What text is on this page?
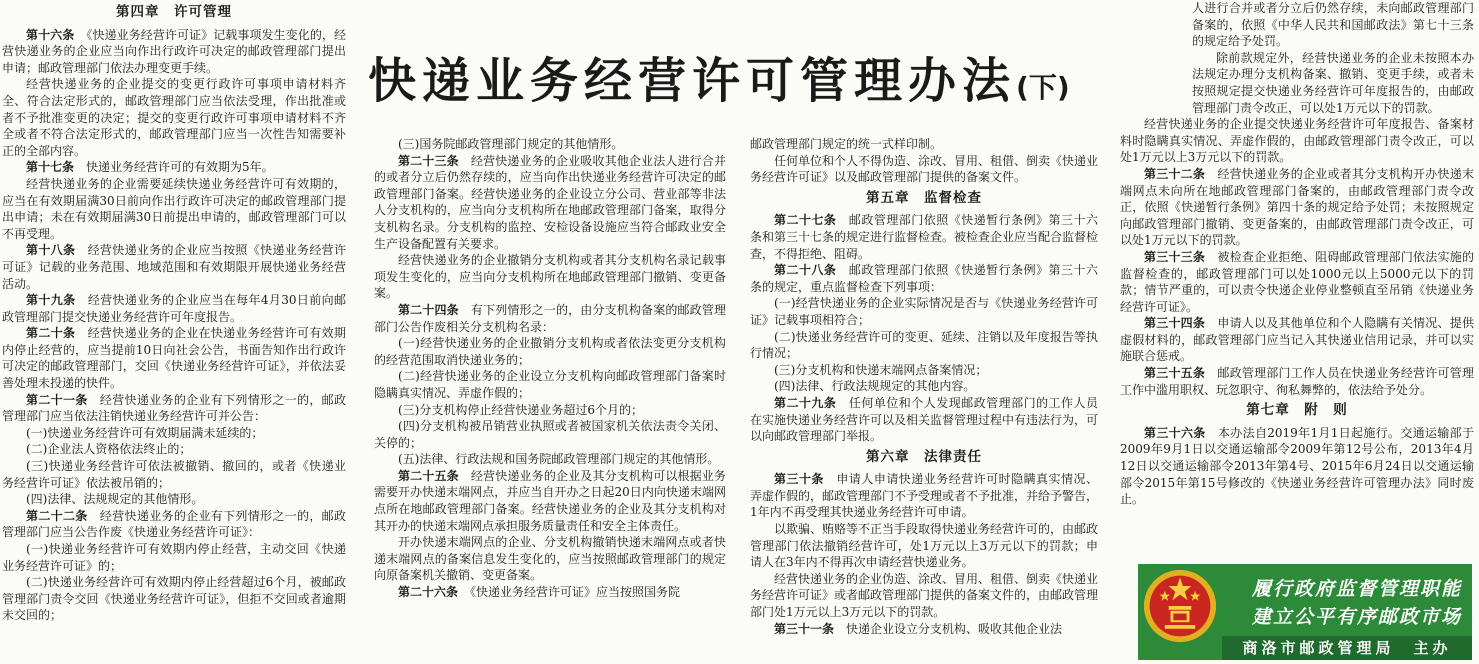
快递业务经营许可管理办法(下)
第四章　许可管理

第十六条　 《快递业务经营许可证》记载事项发生变化的，经营快递业务的企业应当向作出行政许可决定的邮政管理部门提出申请；邮政管理部门依法办理变更手续。

经营快递业务的企业提交的变更行政许可事项申请材料齐全、符合法定形式的，邮政管理部门应当依法受理，作出批准或者不予批准变更的决定；提交的变更行政许可事项申请材料不齐全或者不符合法定形式的，邮政管理部门应当一次性告知需要补正的全部内容。

第十七条　 快递业务经营许可的有效期为5年。

经营快递业务的企业需要延续快递业务经营许可有效期的，应当在有效期届满30日前向作出行政许可决定的邮政管理部门提出申请；未在有效期届满30日前提出申请的，邮政管理部门可以不再受理。

第十八条　 经营快递业务的企业应当按照《快递业务经营许可证》记载的业务范围、地域范围和有效期限开展快递业务经营活动。

第十九条　 经营快递业务的企业应当在每年4月30日前向邮政管理部门提交快递业务经营许可年度报告。

第二十条　 经营快递业务的企业在快递业务经营许可有效期内停止经营的，应当提前10日向社会公告，书面告知作出行政许可决定的邮政管理部门，交回《快递业务经营许可证》，并依法妥善处理未投递的快件。

第二十一条　 经营快递业务的企业有下列情形之一的，邮政管理部门应当依法注销快递业务经营许可并公告：

(一)快递业务经营许可有效期届满未延续的；

(二)企业法人资格依法终止的；

(三)快递业务经营许可依法被撤销、撤回的，或者《快递业务经营许可证》依法被吊销的；

(四)法律、法规规定的其他情形。

第二十二条　 经营快递业务的企业有下列情形之一的，邮政管理部门应当公告作废《快递业务经营许可证》：

(一)快递业务经营许可有效期内停止经营，主动交回《快递业务经营许可证》的；

(二)快递业务经营许可有效期内停止经营超过6个月，被邮政管理部门责令交回《快递业务经营许可证》，但拒不交回或者逾期未交回的；

(三)国务院邮政管理部门规定的其他情形。

第二十三条　 经营快递业务的企业吸收其他企业法人进行合并的或者分立后仍然存续的，应当向作出快递业务经营许可决定的邮政管理部门备案。经营快递业务的企业设立分公司、营业部等非法人分支机构的，应当向分支机构所在地邮政管理部门备案，取得分支机构名录。分支机构的监控、安检设备设施应当符合邮政业安全生产设备配置有关要求。

经营快递业务的企业撤销分支机构或者其分支机构名录记载事项发生变化的，应当向分支机构所在地邮政管理部门撤销、变更备案。

第二十四条　 有下列情形之一的，由分支机构备案的邮政管理部门公告作废相关分支机构名录：

(一)经营快递业务的企业撤销分支机构或者依法变更分支机构的经营范围取消快递业务的；

(二)经营快递业务的企业设立分支机构向邮政管理部门备案时隐瞒真实情况、弄虚作假的；

(三)分支机构停止经营快递业务超过6个月的；

(四)分支机构被吊销营业执照或者被国家机关依法责令关闭、关停的；

(五)法律、行政法规和国务院邮政管理部门规定的其他情形。

第二十五条　 经营快递业务的企业及其分支机构可以根据业务需要开办快递末端网点，并应当自开办之日起20日内向快递末端网点所在地邮政管理部门备案。经营快递业务的企业及其分支机构对其开办的快递末端网点承担服务质量责任和安全主体责任。

开办快递末端网点的企业、分支机构撤销快递末端网点或者快递末端网点的备案信息发生变化的，应当按照邮政管理部门的规定向原备案机关撤销、变更备案。

第二十六条　 《快递业务经营许可证》应当按照国务院

邮政管理部门规定的统一式样印制。

任何单位和个人不得伪造、涂改、冒用、租借、倒卖《快递业务经营许可证》以及邮政管理部门提供的备案文件。

第五章　监督检查

第二十七条　 邮政管理部门依照《快递暂行条例》第三十六条和第三十七条的规定进行监督检查。被检查企业应当配合监督检查，不得拒绝、阻碍。

第二十八条　 邮政管理部门依照《快递暂行条例》第三十六条的规定，重点监督检查下列事项：

(一)经营快递业务的企业实际情况是否与《快递业务经营许可证》记载事项相符合；

(二)快递业务经营许可的变更、延续、注销以及年度报告等执行情况；

(三)分支机构和快递末端网点备案情况；

(四)法律、行政法规规定的其他内容。

第二十九条　 任何单位和个人发现邮政管理部门的工作人员在实施快递业务经营许可以及相关监督管理过程中有违法行为，可以向邮政管理部门举报。

第六章　法律责任

第三十条　 申请人申请快递业务经营许可时隐瞒真实情况、弄虚作假的，邮政管理部门不予受理或者不予批准，并给予警告，1年内不再受理其快递业务经营许可申请。

以欺骗、贿赂等不正当手段取得快递业务经营许可的，由邮政管理部门依法撤销经营许可，处1万元以上3万元以下的罚款；申请人在3年内不得再次申请经营快递业务。

经营快递业务的企业伪造、涂改、冒用、租借、倒卖《快递业务经营许可证》或者邮政管理部门提供的备案文件的，由邮政管理部门处1万元以上3万元以下的罚款。

第三十一条　 快递企业设立分支机构、吸收其他企业法

人进行合并或者分立后仍然存续，未向邮政管理部门备案的，依照《中华人民共和国邮政法》第七十三条的规定给予处罚。

除前款规定外，经营快递业务的企业未按照本办法规定办理分支机构备案、撤销、变更手续，或者未按照规定提交快递业务经营许可年度报告的，由邮政管理部门责令改正，可以处1万元以下的罚款。

经营快递业务的企业提交快递业务经营许可年度报告、备案材料时隐瞒真实情况、弄虚作假的，由邮政管理部门责令改正，可以处1万元以上3万元以下的罚款。

第三十二条　 经营快递业务的企业或者其分支机构开办快递末端网点未向所在地邮政管理部门备案的，由邮政管理部门责令改正，依照《快递暂行条例》第四十条的规定给予处罚；未按照规定向邮政管理部门撤销、变更备案的，由邮政管理部门责令改正，可以处1万元以下的罚款。

第三十三条　 被检查企业拒绝、阻碍邮政管理部门依法实施的监督检查的，邮政管理部门可以处1000元以上5000元以下的罚款；情节严重的，可以责令快递企业停业整顿直至吊销《快递业务经营许可证》。

第三十四条　 申请人以及其他单位和个人隐瞒有关情况、提供虚假材料的，邮政管理部门应当记入其快递业信用记录，并可以实施联合惩戒。

第三十五条　 邮政管理部门工作人员在快递业务经营许可管理工作中滥用职权、玩忽职守、徇私舞弊的，依法给予处分。

第七章　附　则

第三十六条　 本办法自2019年1月1日起施行。交通运输部于2009年9月1日以交通运输部令2009年第12号公布，2013年4月12日以交通运输部令2013年第4号、2015年6月24日以交通运输部令2015年第15号修改的《快递业务经营许可管理办法》同时废止。

履行政府监督管理职能
建立公平有序邮政市场
商洛市邮政管理局　主办
